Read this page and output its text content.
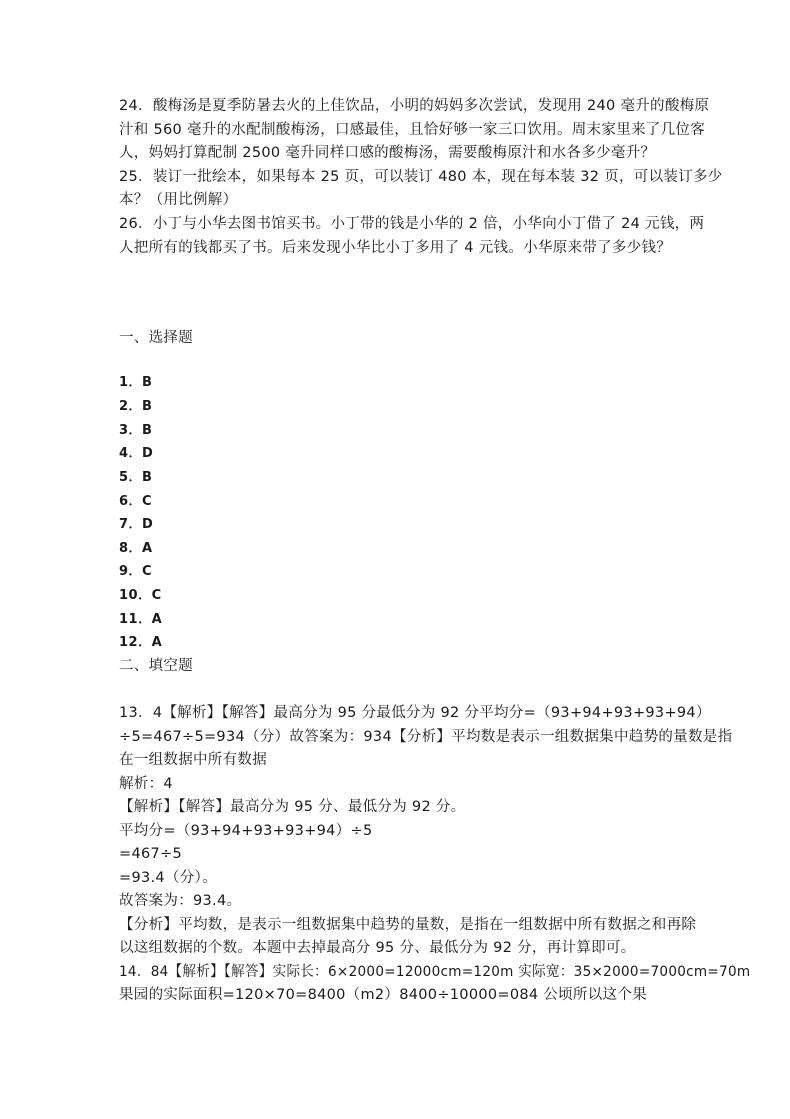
24．酸梅汤是夏季防暑去火的上佳饮品，小明的妈妈多次尝试，发现用 240 毫升的酸梅原
汁和 560 毫升的水配制酸梅汤，口感最佳，且恰好够一家三口饮用。周末家里来了几位客
人，妈妈打算配制 2500 毫升同样口感的酸梅汤，需要酸梅原汁和水各多少毫升？
25．装订一批绘本，如果每本 25 页，可以装订 480 本，现在每本装 32 页，可以装订多少
本？（用比例解）
26．小丁与小华去图书馆买书。小丁带的钱是小华的 2 倍，小华向小丁借了 24 元钱，两
人把所有的钱都买了书。后来发现小华比小丁多用了 4 元钱。小华原来带了多少钱？
一、选择题
1．B
2．B
3．B
4．D
5．B
6．C
7．D
8．A
9．C
10．C
11．A
12．A
二、填空题
13．4【解析】【解答】最高分为 95 分最低分为 92 分平均分=（93+94+93+93+94）
÷5=467÷5=934（分）故答案为：934【分析】平均数是表示一组数据集中趋势的量数是指
在一组数据中所有数据
解析：4
【解析】【解答】最高分为 95 分、最低分为 92 分。
平均分=（93+94+93+93+94）÷5
=467÷5
=93.4（分）。
故答案为：93.4。
【分析】平均数，是表示一组数据集中趋势的量数，是指在一组数据中所有数据之和再除
以这组数据的个数。本题中去掉最高分 95 分、最低分为 92 分，再计算即可。
14．84【解析】【解答】实际长：6×2000=12000cm=120m 实际宽：35×2000=7000cm=70m
果园的实际面积=120×70=8400（m2）8400÷10000=084 公顷所以这个果
